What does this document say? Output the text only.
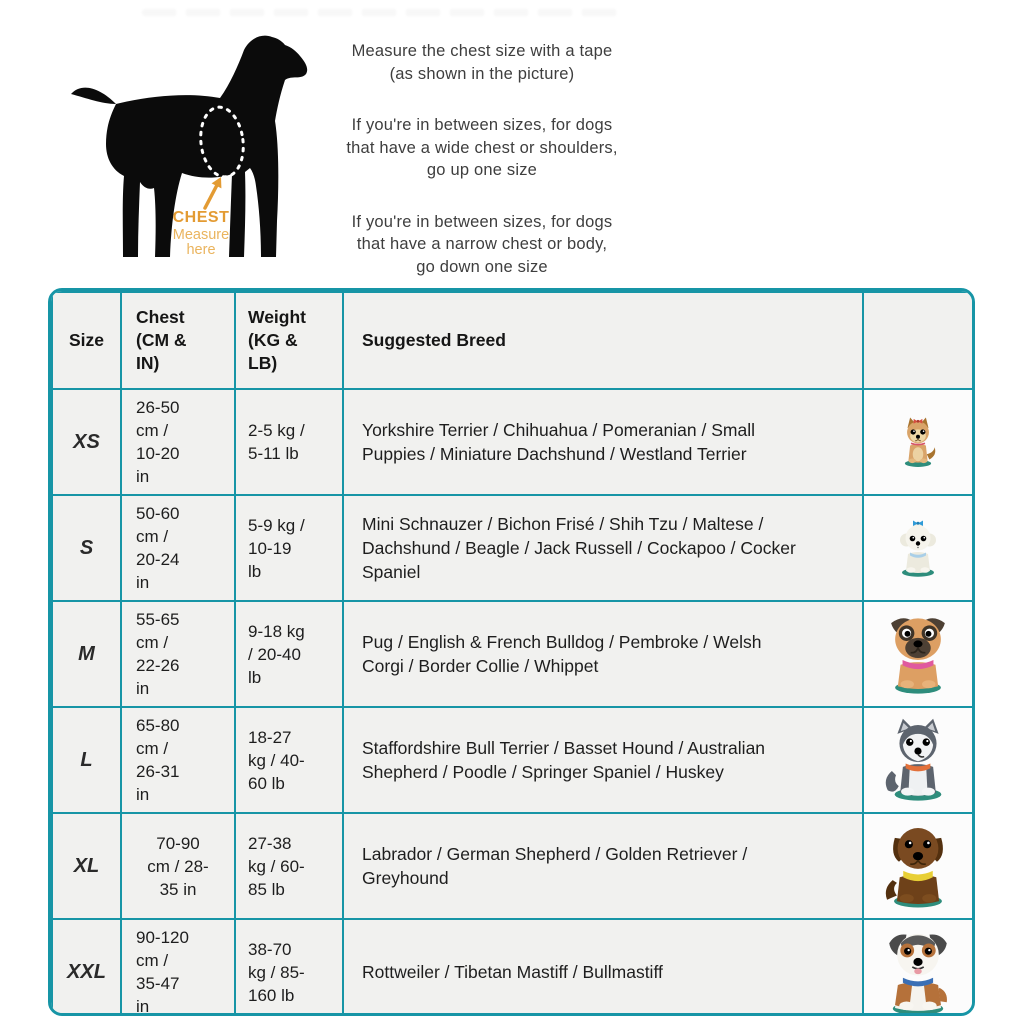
CHEST
Measure
here
Measure the chest size with a tape
(as shown in the picture)
If you're in between sizes, for dogs
that have a wide chest or shoulders,
go up one size
If you're in between sizes, for dogs
that have a narrow chest or body,
go down one size
Size	Chest (CM & IN)	Weight (KG & LB)	Suggested Breed	
XS	26-50 cm / 10-20 in	2-5 kg / 5-11 lb	Yorkshire Terrier / Chihuahua / Pomeranian / Small Puppies / Miniature Dachshund / Westland Terrier	
S	50-60 cm / 20-24 in	5-9 kg / 10-19 lb	Mini Schnauzer / Bichon Frisé / Shih Tzu / Maltese / Dachshund / Beagle / Jack Russell / Cockapoo / Cocker Spaniel	
M	55-65 cm / 22-26 in	9-18 kg / 20-40 lb	Pug / English & French Bulldog / Pembroke / Welsh Corgi / Border Collie / Whippet	
L	65-80 cm / 26-31 in	18-27 kg / 40-60 lb	Staffordshire Bull Terrier / Basset Hound / Australian Shepherd / Poodle / Springer Spaniel / Huskey	
XL	70-90 cm / 28-35 in	27-38 kg / 60-85 lb	Labrador / German Shepherd / Golden Retriever / Greyhound	
XXL	90-120 cm / 35-47 in	38-70 kg / 85-160 lb	Rottweiler / Tibetan Mastiff / Bullmastiff	
